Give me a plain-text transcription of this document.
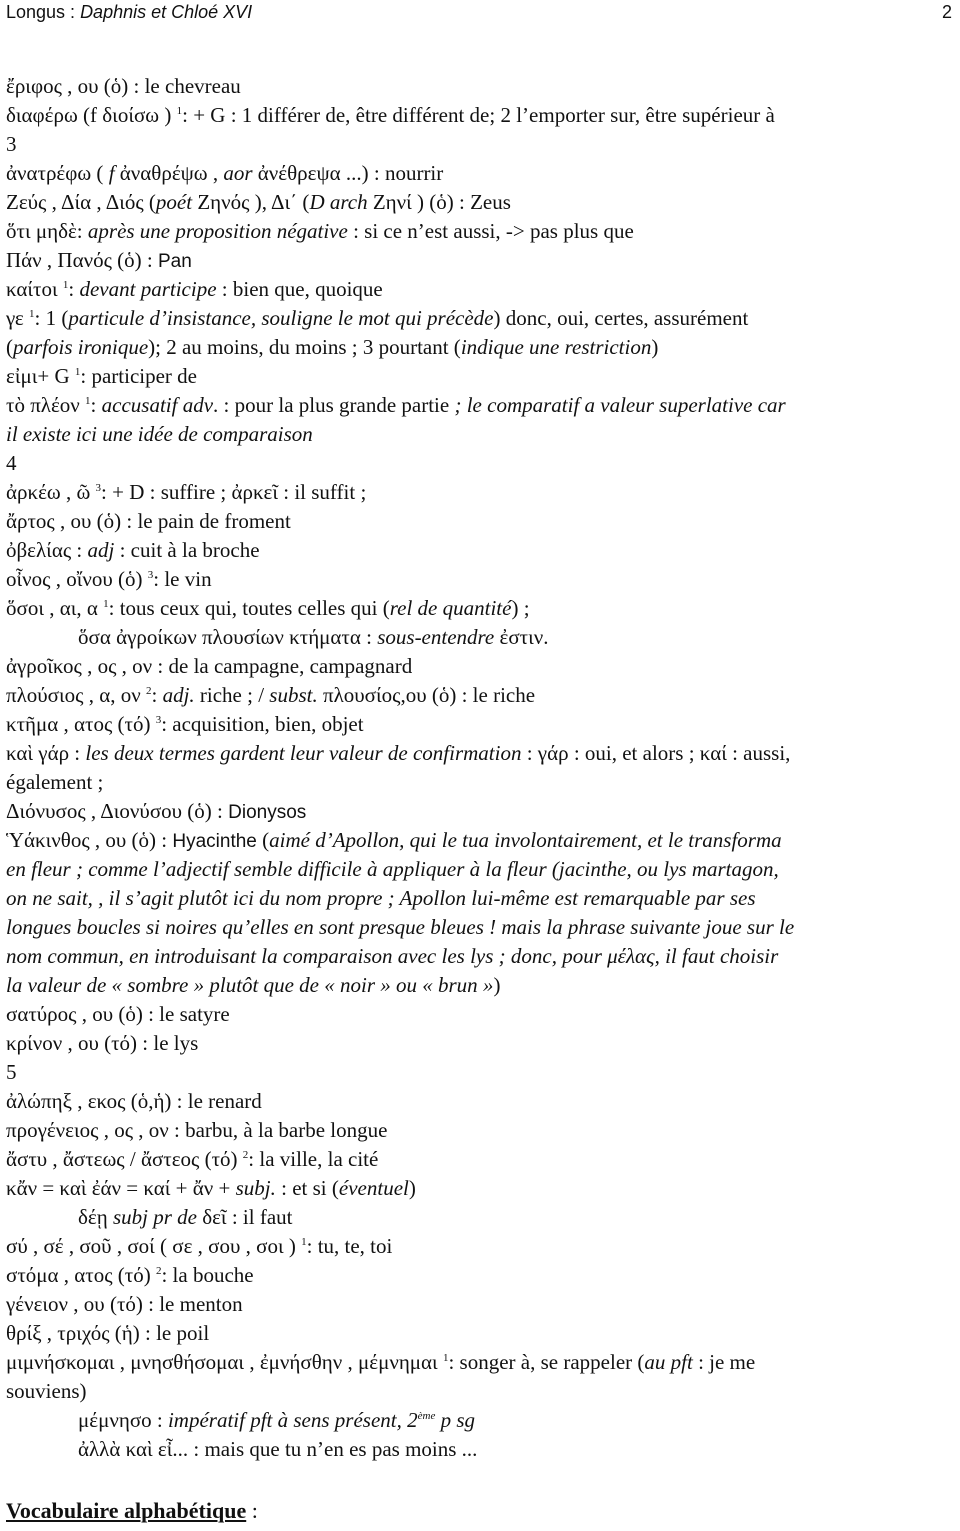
Longus : Daphnis et Chloé XVI	2
ἔριφος , ου (ὁ) : le chevreau
διαφέρω (f διοίσω ) $^1$: + G : 1 différer de, être différent de; 2 l’emporter sur, être supérieur à
3
ἀνατρέφω ( f ἀναθρέψω , aor ἀνέθρεψα ...) : nourrir
Ζεύς , Δία , Διός (poét Ζηνός ), Δι΄ (D arch Ζηνί ) (ὁ) : Zeus
ὅτι μηδὲ: après une proposition négative : si ce n’est aussi, -> pas plus que
Πάν , Πανός (ὁ) : Pan
καίτοι $^1$: devant participe : bien que, quoique
γε $^1$: 1 (particule d’insistance, souligne le mot qui précède) donc, oui, certes, assurément
(parfois ironique); 2 au moins, du moins ; 3 pourtant (indique une restriction)
εἰμι+ G $^1$: participer de
τὸ πλέον $^1$: accusatif adv. : pour la plus grande partie ; le comparatif a valeur superlative car
il existe ici une idée de comparaison
4
ἀρκέω , ῶ $^3$: + D : suffire ; ἀρκεῖ : il suffit ;
ἄρτος , ου (ὁ) : le pain de froment
ὀβελίας : adj : cuit à la broche
οἶνος , οἴνου (ὁ) $^3$: le vin
ὅσοι , αι, α $^1$: tous ceux qui, toutes celles qui (rel de quantité) ;
ὅσα ἀγροίκων πλουσίων κτήματα : sous-entendre ἐστιν.
ἀγροῖκος , ος , ον : de la campagne, campagnard
πλούσιος , α, ον $^2$: adj. riche ; / subst. πλουσίος,ου (ὁ) : le riche
κτῆμα , ατος (τό) $^3$: acquisition, bien, objet
καὶ γάρ : les deux termes gardent leur valeur de confirmation : γάρ : oui, et alors ; καί : aussi,
également ;
Διόνυσος , Διονύσου (ὁ) : Dionysos
Ὑάκινθος , ου (ὁ) : Hyacinthe (aimé d’Apollon, qui le tua involontairement, et le transforma
en fleur ; comme l’adjectif semble difficile à appliquer à la fleur (jacinthe, ou lys martagon,
on ne sait, , il s’agit plutôt ici du nom propre ; Apollon lui-même est remarquable par ses
longues boucles si noires qu’elles en sont presque bleues ! mais la phrase suivante joue sur le
nom commun, en introduisant la comparaison avec les lys ; donc, pour μέλας, il faut choisir
la valeur de « sombre » plutôt que de « noir » ou « brun »)
σατύρος , ου (ὁ) : le satyre
κρίνον , ου (τό) : le lys
5
ἀλώπηξ , εκος (ὁ,ἡ) : le renard
προγένειος , ος , ον : barbu, à la barbe longue
ἄστυ , ἄστεως / ἄστεος (τό) $^2$: la ville, la cité
κἄν = καὶ ἐάν = καί + ἄν + subj. : et si (éventuel)
δέῃ subj pr de δεῖ : il faut
σύ , σέ , σοῦ , σοί ( σε , σου , σοι ) $^1$: tu, te, toi
στόμα , ατος (τό) $^2$: la bouche
γένειον , ου (τό) : le menton
θρίξ , τριχός (ἡ) : le poil
μιμνήσκομαι , μνησθήσομαι , ἐμνήσθην , μέμνημαι $^1$: songer à, se rappeler (au pft : je me
souviens)
μέμνησο : impératif pft à sens présent, 2ème p sg
ἀλλὰ καὶ εἶ... : mais que tu n’en es pas moins ...
Vocabulaire alphabétique :
